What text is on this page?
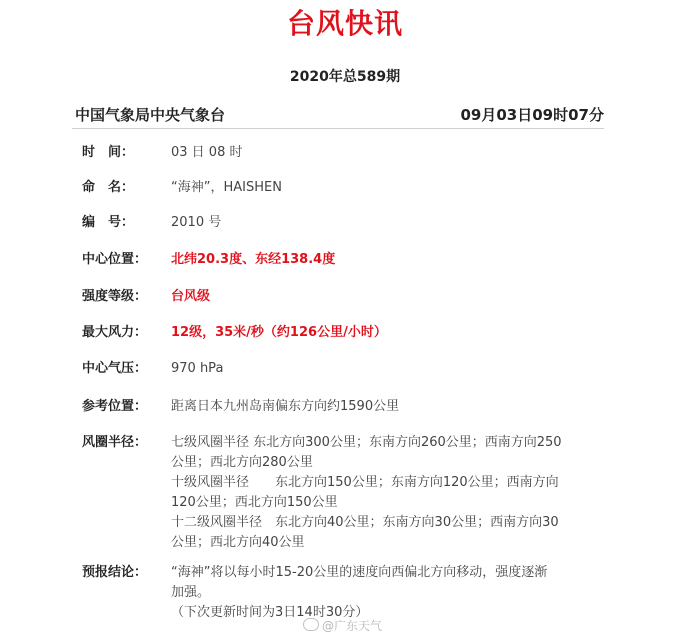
台风快讯
2020年总589期
中国气象局中央气象台	09月03日09时07分
时　间：	03 日 08 时
命　名：	“海神”，HAISHEN
编　号：	2010 号
中心位置：	北纬20.3度、东经138.4度
强度等级：	台风级
最大风力：	12级，35米/秒（约126公里/小时）
中心气压：	970 hPa
参考位置：	距离日本九州岛南偏东方向约1590公里
风圈半径：	七级风圈半径 东北方向300公里；东南方向260公里；西南方向250
公里；西北方向280公里
十级风圈半径　　东北方向150公里；东南方向120公里；西南方向
120公里；西北方向150公里
十二级风圈半径　东北方向40公里；东南方向30公里；西南方向30
公里；西北方向40公里
预报结论：	“海神”将以每小时15-20公里的速度向西偏北方向移动，强度逐渐
加强。
（下次更新时间为3日14时30分）
@广东天气
